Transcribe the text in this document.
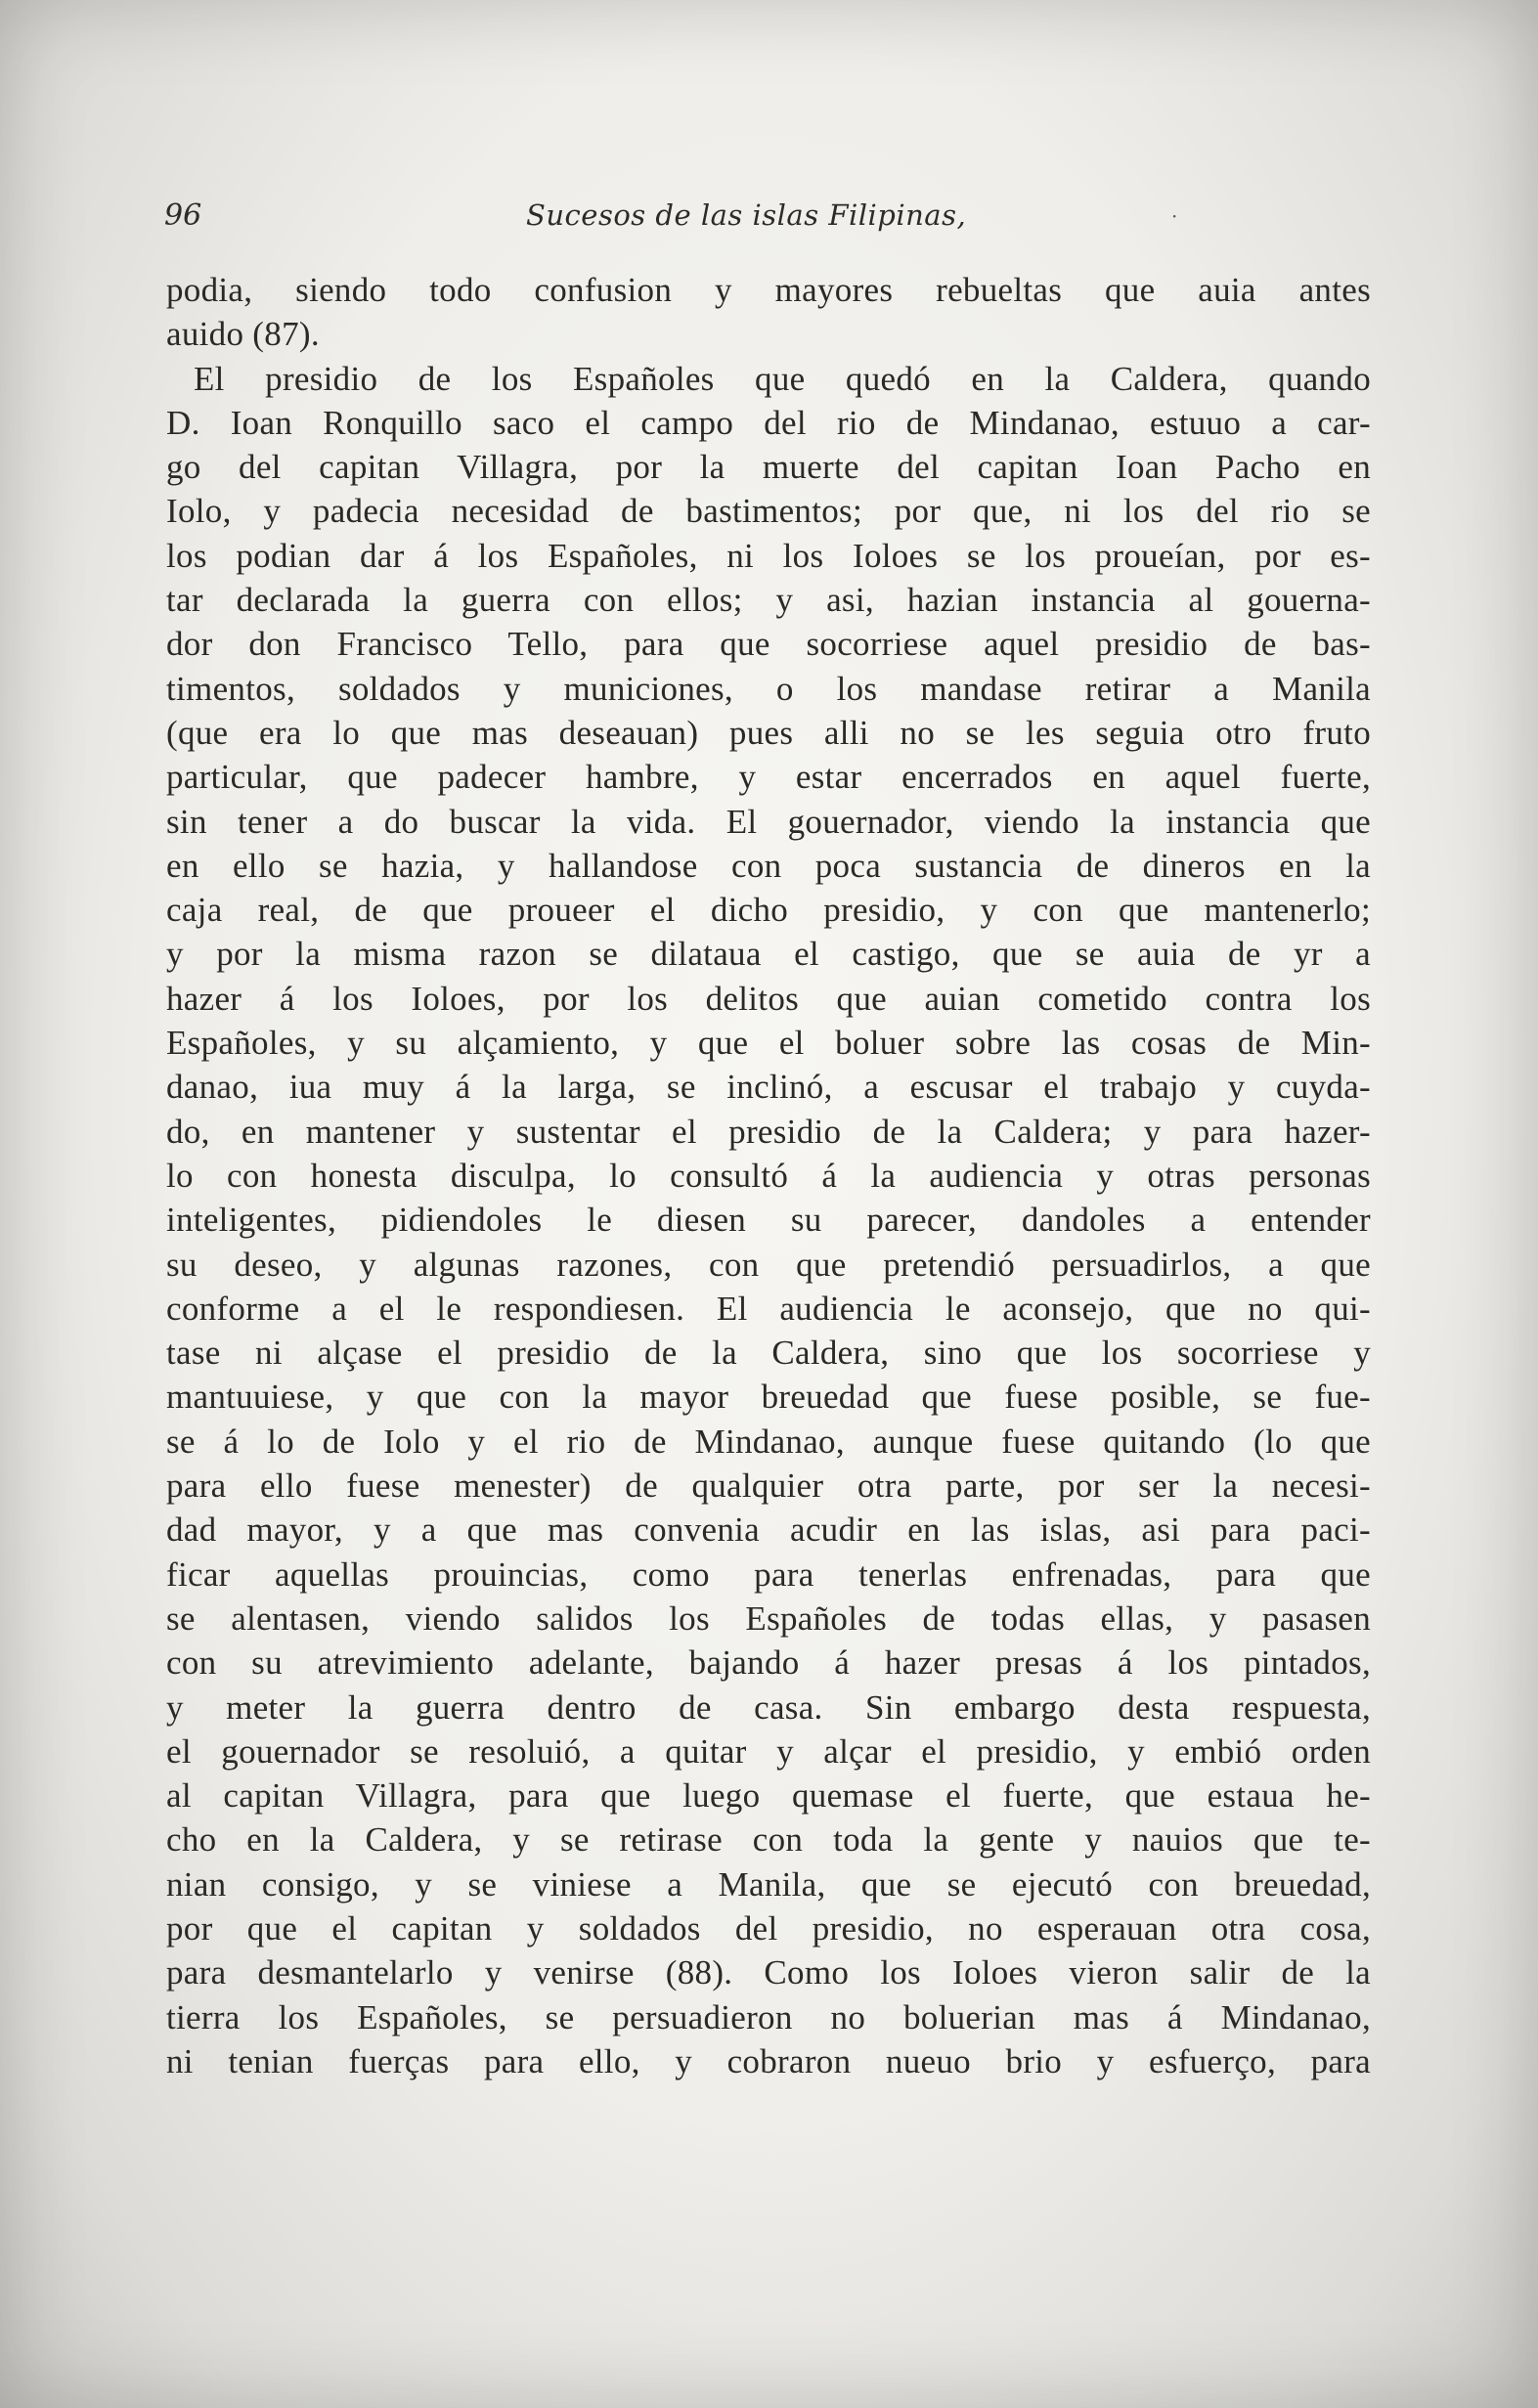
96	Sucesos de las islas Filipinas,	·
podia, siendo todo confusion y mayores rebueltas que auia antes
auido (87).
El presidio de los Españoles que quedó en la Caldera, quando
D. Ioan Ronquillo saco el campo del rio de Mindanao, estuuo a car-
go del capitan Villagra, por la muerte del capitan Ioan Pacho en
Iolo, y padecia necesidad de bastimentos; por que, ni los del rio se
los podian dar á los Españoles, ni los Ioloes se los proueían, por es-
tar declarada la guerra con ellos; y asi, hazian instancia al gouerna-
dor don Francisco Tello, para que socorriese aquel presidio de bas-
timentos, soldados y municiones, o los mandase retirar a Manila
(que era lo que mas deseauan) pues alli no se les seguia otro fruto
particular, que padecer hambre, y estar encerrados en aquel fuerte,
sin tener a do buscar la vida. El gouernador, viendo la instancia que
en ello se hazia, y hallandose con poca sustancia de dineros en la
caja real, de que proueer el dicho presidio, y con que mantenerlo;
y por la misma razon se dilataua el castigo, que se auia de yr a
hazer á los Ioloes, por los delitos que auian cometido contra los
Españoles, y su alçamiento, y que el boluer sobre las cosas de Min-
danao, iua muy á la larga, se inclinó, a escusar el trabajo y cuyda-
do, en mantener y sustentar el presidio de la Caldera; y para hazer-
lo con honesta disculpa, lo consultó á la audiencia y otras personas
inteligentes, pidiendoles le diesen su parecer, dandoles a entender
su deseo, y algunas razones, con que pretendió persuadirlos, a que
conforme a el le respondiesen. El audiencia le aconsejo, que no qui-
tase ni alçase el presidio de la Caldera, sino que los socorriese y
mantuuiese, y que con la mayor breuedad que fuese posible, se fue-
se á lo de Iolo y el rio de Mindanao, aunque fuese quitando (lo que
para ello fuese menester) de qualquier otra parte, por ser la necesi-
dad mayor, y a que mas convenia acudir en las islas, asi para paci-
ficar aquellas prouincias, como para tenerlas enfrenadas, para que
se alentasen, viendo salidos los Españoles de todas ellas, y pasasen
con su atrevimiento adelante, bajando á hazer presas á los pintados,
y meter la guerra dentro de casa. Sin embargo desta respuesta,
el gouernador se resoluió, a quitar y alçar el presidio, y embió orden
al capitan Villagra, para que luego quemase el fuerte, que estaua he-
cho en la Caldera, y se retirase con toda la gente y nauios que te-
nian consigo, y se viniese a Manila, que se ejecutó con breuedad,
por que el capitan y soldados del presidio, no esperauan otra cosa,
para desmantelarlo y venirse (88). Como los Ioloes vieron salir de la
tierra los Españoles, se persuadieron no boluerian mas á Mindanao,
ni tenian fuerças para ello, y cobraron nueuo brio y esfuerço, para
